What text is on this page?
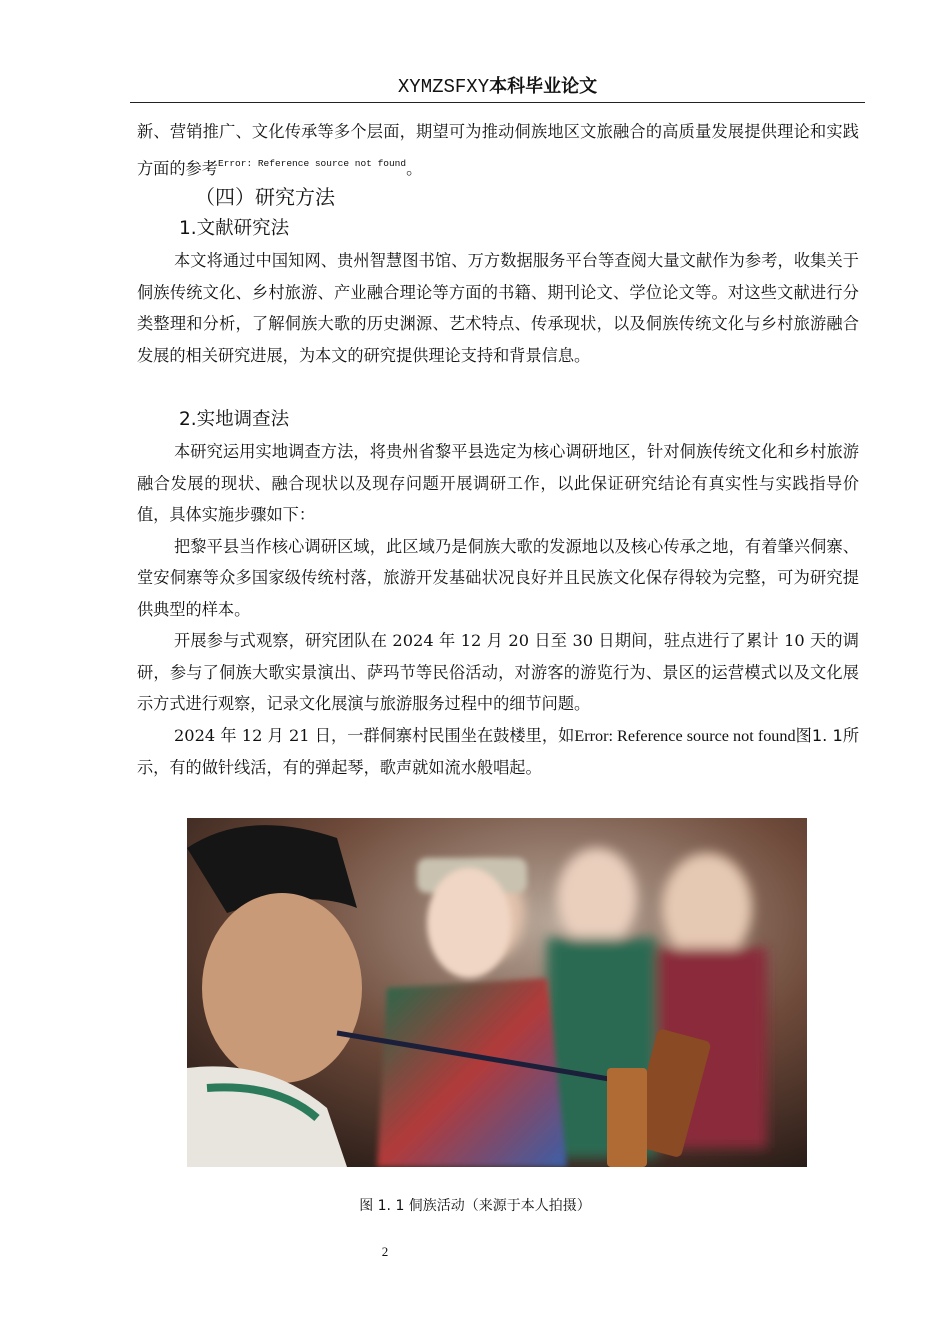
XYMZSFXY本科毕业论文

新、营销推广、文化传承等多个层面，期望可为推动侗族地区文旅融合的高质量发展提供理论和实践方面的参考$^{Error: Reference source not found}$。

（四）研究方法

1.文献研究法

本文将通过中国知网、贵州智慧图书馆、万方数据服务平台等查阅大量文献作为参考，收集关于侗族传统文化、乡村旅游、产业融合理论等方面的书籍、期刊论文、学位论文等。对这些文献进行分类整理和分析，了解侗族大歌的历史渊源、艺术特点、传承现状，以及侗族传统文化与乡村旅游融合发展的相关研究进展，为本文的研究提供理论支持和背景信息。

2.实地调查法

本研究运用实地调查方法，将贵州省黎平县选定为核心调研地区，针对侗族传统文化和乡村旅游融合发展的现状、融合现状以及现存问题开展调研工作，以此保证研究结论有真实性与实践指导价值，具体实施步骤如下：

把黎平县当作核心调研区域，此区域乃是侗族大歌的发源地以及核心传承之地，有着肇兴侗寨、堂安侗寨等众多国家级传统村落，旅游开发基础状况良好并且民族文化保存得较为完整，可为研究提供典型的样本。

开展参与式观察，研究团队在 2024 年 12 月 20 日至 30 日期间，驻点进行了累计 10 天的调研，参与了侗族大歌实景演出、萨玛节等民俗活动，对游客的游览行为、景区的运营模式以及文化展示方式进行观察，记录文化展演与旅游服务过程中的细节问题。

2024 年 12 月 21 日，一群侗寨村民围坐在鼓楼里，如Error: Reference source not found图1. 1所示，有的做针线活，有的弹起琴，歌声就如流水般唱起。

图 1. 1 侗族活动（来源于本人拍摄）
2
